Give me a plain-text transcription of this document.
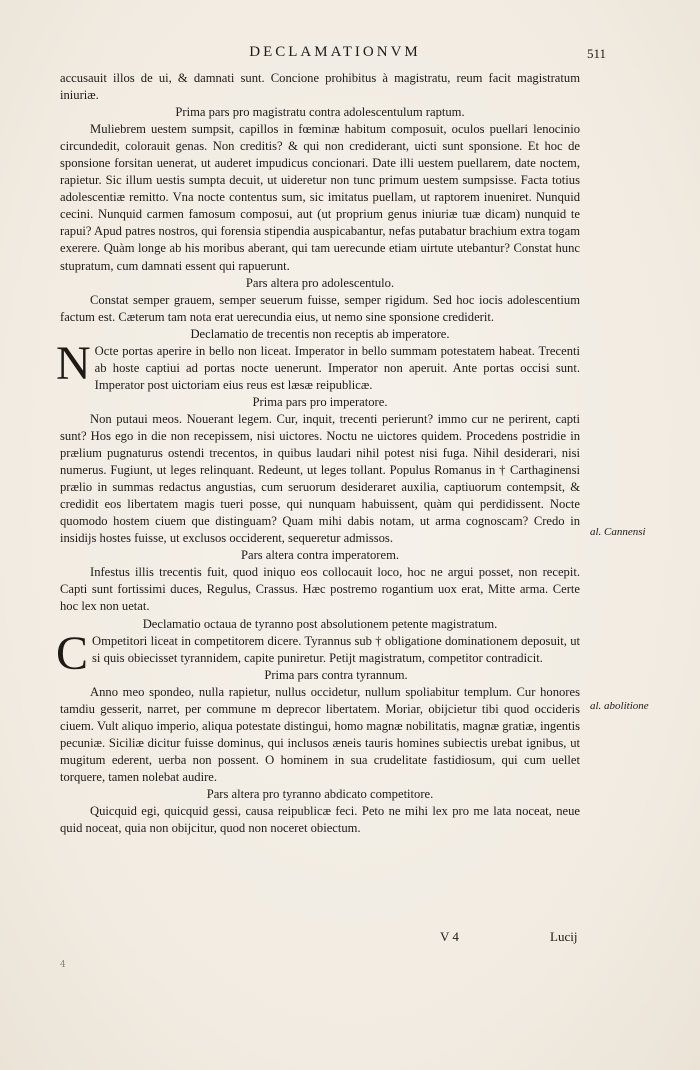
DECLAMATIONVM	511

accusauit illos de ui, & damnati sunt. Concione prohibitus à magistratu, reum facit magistratum iniuriæ.

Prima pars pro magistratu contra adolescentulum raptum.

Muliebrem uestem sumpsit, capillos in fœminæ habitum composuit, oculos puellari lenocinio circundedit, colorauit genas. Non creditis? & qui non crediderant, uicti sunt sponsione. Et hoc de sponsione forsitan uenerat, ut auderet impudicus concionari. Date illi uestem puellarem, date noctem, rapietur. Sic illum uestis sumpta decuit, ut uideretur non tunc primum uestem sumpsisse. Facta totius adolescentiæ remitto. Vna nocte contentus sum, sic imitatus puellam, ut raptorem inueniret. Nunquid cecini. Nunquid carmen famosum composui, aut (ut proprium genus iniuriæ tuæ dicam) nunquid te rapui? Apud patres nostros, qui forensia stipendia auspicabantur, nefas putabatur brachium extra togam exerere. Quàm longe ab his moribus aberant, qui tam uerecunde etiam uirtute utebantur? Constat hunc stupratum, cum damnati essent qui rapuerunt.

Pars altera pro adolescentulo.

Constat semper grauem, semper seuerum fuisse, semper rigidum. Sed hoc iocis adolescentium factum est. Cæterum tam nota erat uerecundia eius, ut nemo sine sponsione crediderit.

Declamatio de trecentis non receptis ab imperatore.

N Octe portas aperire in bello non liceat. Imperator in bello summam potestatem habeat. Trecenti ab hoste captiui ad portas nocte uenerunt. Imperator non aperuit. Ante portas occisi sunt. Imperator post uictoriam eius reus est læsæ reipublicæ.

Prima pars pro imperatore.

Non putaui meos. Nouerant legem. Cur, inquit, trecenti perierunt? immo cur ne perirent, capti sunt? Hos ego in die non recepissem, nisi uictores. Noctu ne uictores quidem. Procedens postridie in prælium pugnaturus ostendi trecentos, in quibus laudari nihil potest nisi fuga. Nihil desiderari, nisi numerus. Fugiunt, ut leges relinquant. Redeunt, ut leges tollant. Populus Romanus in † Carthaginensi prælio in summas redactus angustias, cum seruorum desideraret auxilia, captiuorum contempsit, & credidit eos libertatem magis tueri posse, qui nunquam habuissent, quàm qui perdidissent. Nocte quomodo hostem ciuem que distinguam? Quam mihi dabis notam, ut arma cognoscam? Credo in insidijs hostes fuisse, ut exclusos occiderent, sequeretur admissos.

Pars altera contra imperatorem.

Infestus illis trecentis fuit, quod iniquo eos collocauit loco, hoc ne argui posset, non recepit. Capti sunt fortissimi duces, Regulus, Crassus. Hæc postremo rogantium uox erat, Mitte arma. Certe hoc lex non uetat.

Declamatio octaua de tyranno post absolutionem petente magistratum.

C Ompetitori liceat in competitorem dicere. Tyrannus sub † obligatione dominationem deposuit, ut si quis obiecisset tyrannidem, capite puniretur. Petijt magistratum, competitor contradicit.

Prima pars contra tyrannum.

Anno meo spondeo, nulla rapietur, nullus occidetur, nullum spoliabitur templum. Cur honores tamdiu gesserit, narret, per commune m deprecor libertatem. Moriar, obijcietur tibi quod occideris ciuem. Vult aliquo imperio, aliqua potestate distingui, homo magnæ nobilitatis, magnæ gratiæ, ingentis pecuniæ. Siciliæ dicitur fuisse dominus, qui inclusos æneis tauris homines subiectis urebat ignibus, ut mugitum ederent, uerba non possent. O hominem in sua crudelitate fastidiosum, qui cum uellet torquere, tamen nolebat audire.

Pars altera pro tyranno abdicato competitore.

Quicquid egi, quicquid gessi, causa reipublicæ feci. Peto ne mihi lex pro me lata noceat, neue quid noceat, quia non obijcitur, quod non noceret obiectum.

al. Cannensi
al. abolitione
V 4	Lucij
4
